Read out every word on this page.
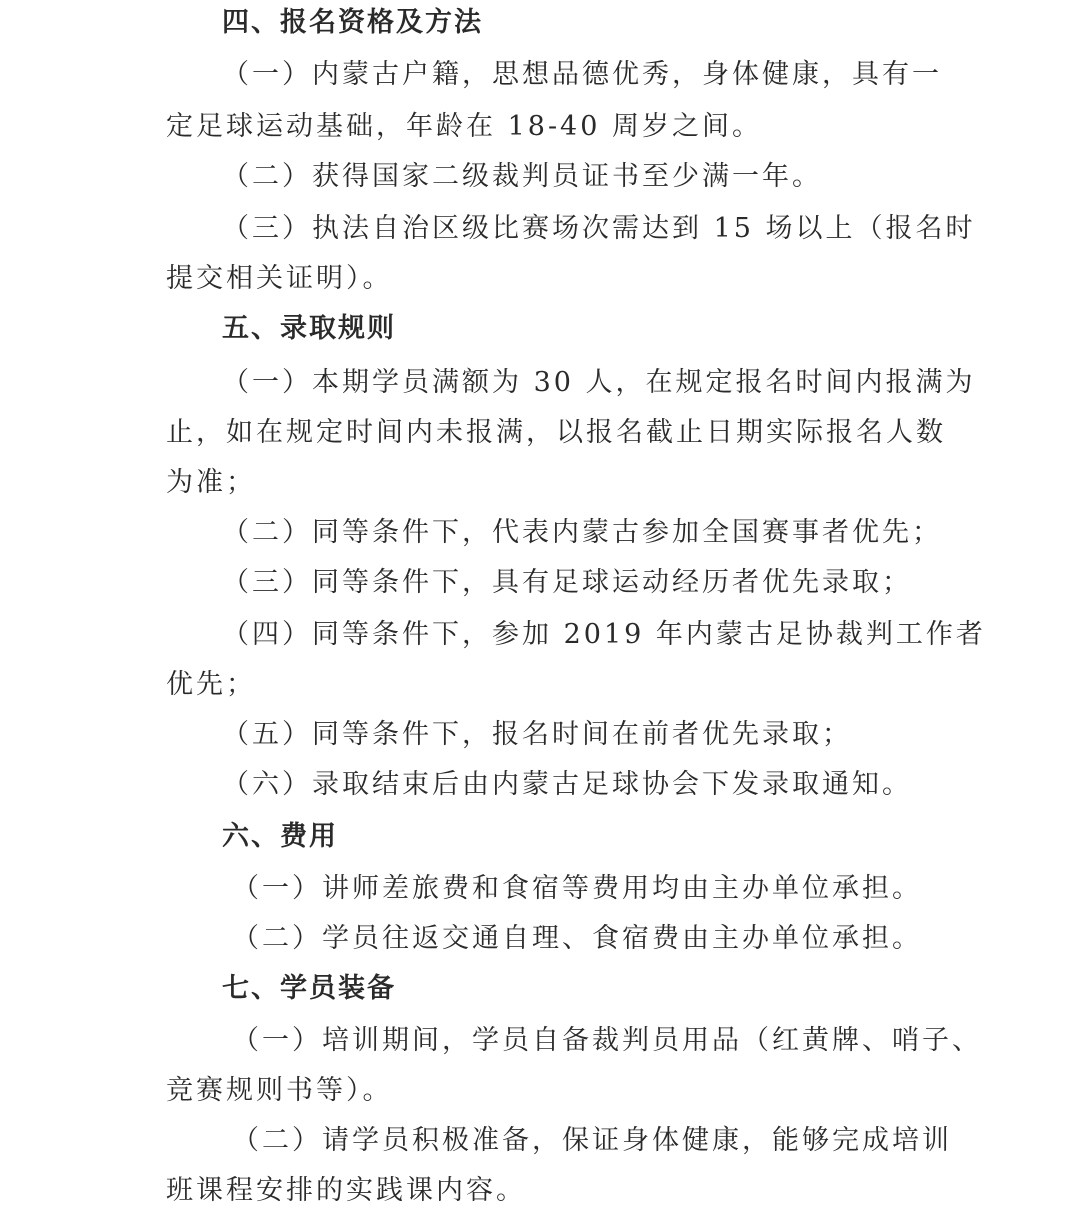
四、报名资格及方法
（一）内蒙古户籍，思想品德优秀，身体健康，具有一
定足球运动基础，年龄在 18-40 周岁之间。
（二）获得国家二级裁判员证书至少满一年。
（三）执法自治区级比赛场次需达到 15 场以上（报名时
提交相关证明）。
五、录取规则
（一）本期学员满额为 30 人，在规定报名时间内报满为
止，如在规定时间内未报满，以报名截止日期实际报名人数
为准；
（二）同等条件下，代表内蒙古参加全国赛事者优先；
（三）同等条件下，具有足球运动经历者优先录取；
（四）同等条件下，参加 2019 年内蒙古足协裁判工作者
优先；
（五）同等条件下，报名时间在前者优先录取；
（六）录取结束后由内蒙古足球协会下发录取通知。
六、费用
（一）讲师差旅费和食宿等费用均由主办单位承担。
（二）学员往返交通自理、食宿费由主办单位承担。
七、学员装备
（一）培训期间，学员自备裁判员用品（红黄牌、哨子、
竞赛规则书等）。
（二）请学员积极准备，保证身体健康，能够完成培训
班课程安排的实践课内容。
